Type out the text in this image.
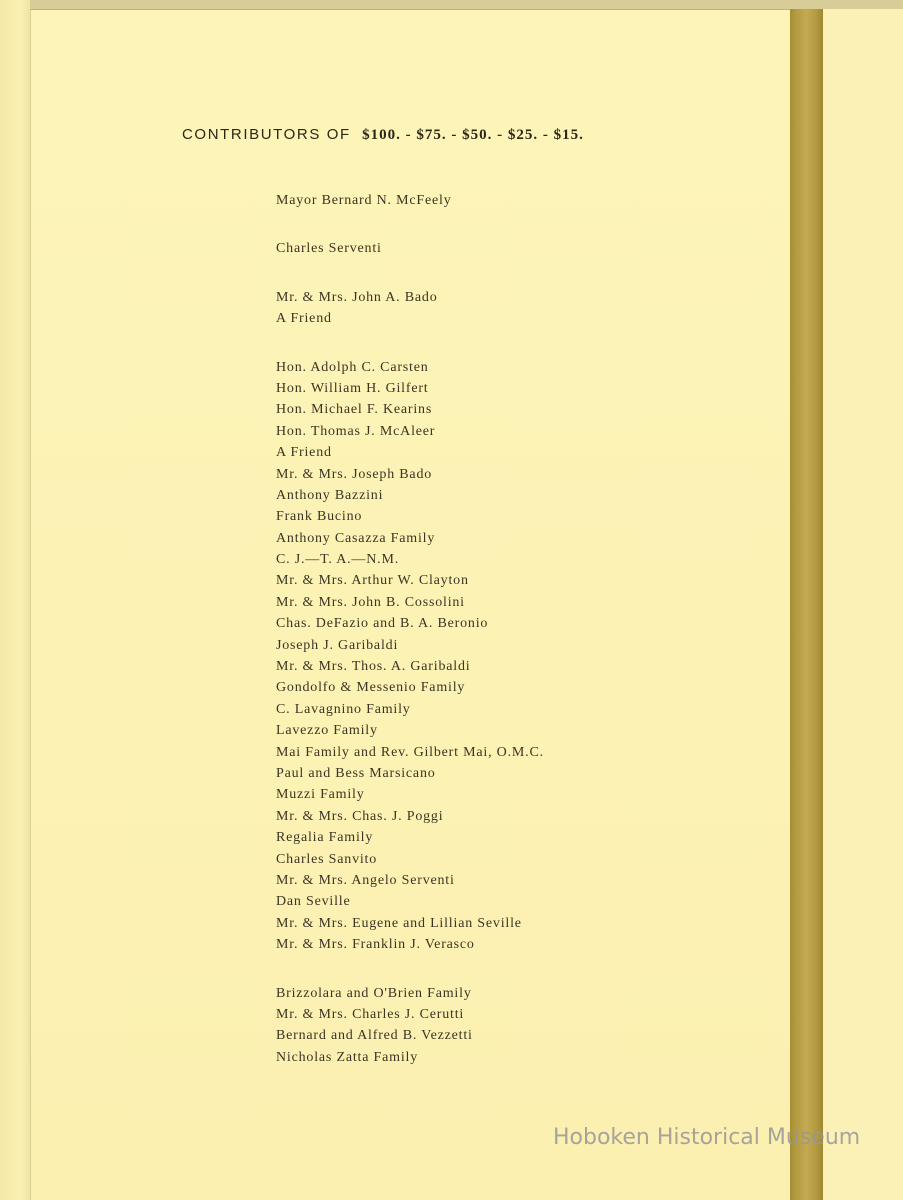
CONTRIBUTORS OF $100. - $75. - $50. - $25. - $15.
Mayor Bernard N. McFeely
Charles Serventi
Mr. & Mrs. John A. Bado
A Friend
Hon. Adolph C. Carsten
Hon. William H. Gilfert
Hon. Michael F. Kearins
Hon. Thomas J. McAleer
A Friend
Mr. & Mrs. Joseph Bado
Anthony Bazzini
Frank Bucino
Anthony Casazza Family
C. J.—T. A.—N.M.
Mr. & Mrs. Arthur W. Clayton
Mr. & Mrs. John B. Cossolini
Chas. DeFazio and B. A. Beronio
Joseph J. Garibaldi
Mr. & Mrs. Thos. A. Garibaldi
Gondolfo & Messenio Family
C. Lavagnino Family
Lavezzo Family
Mai Family and Rev. Gilbert Mai, O.M.C.
Paul and Bess Marsicano
Muzzi Family
Mr. & Mrs. Chas. J. Poggi
Regalia Family
Charles Sanvito
Mr. & Mrs. Angelo Serventi
Dan Seville
Mr. & Mrs. Eugene and Lillian Seville
Mr. & Mrs. Franklin J. Verasco
Brizzolara and O'Brien Family
Mr. & Mrs. Charles J. Cerutti
Bernard and Alfred B. Vezzetti
Nicholas Zatta Family
Hoboken Historical Museum
